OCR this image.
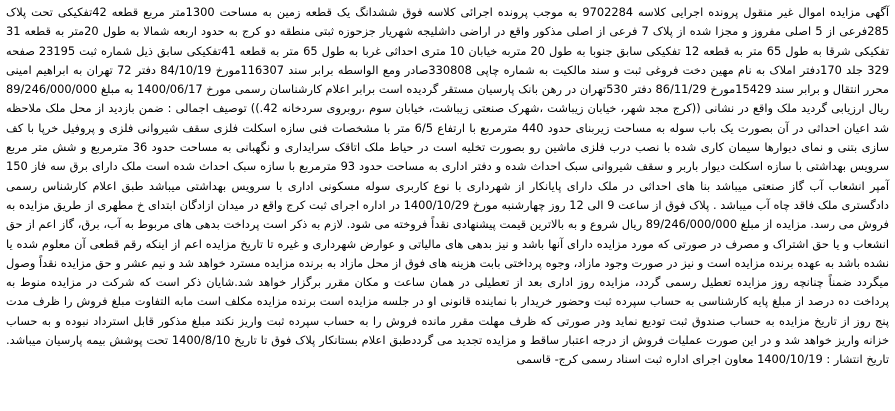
آگهی مزایده اموال غیر منقول پرونده اجرایی کلاسه 9702284 به موجب پرونده اجرائی کلاسه فوق ششدانگ یک قطعه زمین به مساحت 1300متر مربع قطعه 42تفکیکی تحت پلاک 285فرعی از 5 اصلی مفروز و مجزا شده از پلاک 7 فرعی از اصلی مذکور واقع در اراضی داشلیجه شهریار جزحوزه ثبتی منطقه دو کرج به حدود اربعه شمالا به طول 20متر به قطعه 31 تفکیکی شرقا به طول 65 متر به قطعه 12 تفکیکی سابق جنوبا به طول 20 متربه خیابان 10 متری احداثی غربا به طول 65 متر به قطعه 41تفکیکی سابق ذیل شماره ثبت 23195 صفحه 329 جلد 170دفتر املاک به نام مهین دخت فروغی ثبت و سند مالکیت به شماره چاپی 330808صادر ومع الواسطه برابر سند 116307مورخ 84/10/19 دفتر 72 تهران به ابراهیم امینی محرر انتقال و برابر سند 15429مورخ 86/11/29 دفتر 530تهران در رهن بانک پارسیان مستقر گردیده است برابر اعلام کارشناسان رسمی مورخ 1400/06/17 به مبلغ 89/246/000/000 ریال ارزیابی گردید ملک واقع در نشانی ((کرج مجد شهر، خیابان زیباشت ،شهرک صنعتی زیباشت، خیابان سوم ،روبروی سردخانه 42.)) توصیف اجمالی : ضمن بازدید از محل ملک ملاحظه شد اعیان احداثی در آن بصورت یک باب سوله به مساحت زیربنای حدود 440 مترمربع با ارتفاع 6/5 متر با مشخصات فنی سازه اسکلت فلزی سقف شیروانی فلزی و پروفیل خرپا با کف سازی بتنی و نمای دیوارها سیمان کاری شده با نصب درب فلزی ماشین رو بصورت تخلیه است در حیاط ملک اتاقک سرایداری و نگهبانی به مساحت حدود 36 مترمربع و شش متر مربع سرویس بهداشتی با سازه اسکلت دیوار باربر و سقف شیروانی سبک احداث شده و دفتر اداری به مساحت حدود 93 مترمربع با سازه سبک احداث شده است ملک دارای برق سه فاز 150 آمپر انشعاب آب گاز صنعتی میباشد بنا های احداثی در ملک دارای پایانکار از شهرداری با نوع کاربری سوله مسکونی اداری با سرویس بهداشتی میباشد طبق اعلام کارشناس رسمی دادگستری ملک فاقد چاه آب میباشد . پلاک فوق از ساعت 9 الی 12 روز چهارشنبه مورخ 1400/10/29 در اداره اجرای ثبت کرج واقع در میدان ازادگان ابتدای خ مطهری از طریق مزایده به فروش می رسد. مزایده از مبلغ 89/246/000/000 ریال شروع و به بالاترین قیمت پیشنهادی نقداً فروخته می شود. لازم به ذکر است پرداخت بدهی های مربوط به آب، برق، گاز اعم از حق انشعاب و یا حق اشتراک و مصرف در صورتی که مورد مزایده دارای آنها باشد و نیز بدهی های مالیاتی و عوارض شهرداری و غیره تا تاریخ مزایده اعم از اینکه رقم قطعی آن معلوم شده یا نشده باشد به عهده برنده مزایده است و نیز در صورت وجود مازاد، وجوه پرداختی بابت هزینه های فوق از محل مازاد به برنده مزایده مسترد خواهد شد و نیم عشر و حق مزایده نقداً وصول میگردد ضمناً چنانچه روز مزایده تعطیل رسمی گردد، مزایده روز اداری بعد از تعطیلی در همان ساعت و مکان مقرر برگزار خواهد شد.شایان ذکر است که شرکت در مزایده منوط به پرداخت ده درصد از مبلغ پایه کارشناسی به حساب سپرده ثبت وحضور خریدار با نماینده قانونی او در جلسه مزایده است برنده مزایده مکلف است مابه التفاوت مبلغ فروش را ظرف مدت پنج روز از تاریخ مزایده به حساب صندوق ثبت تودیع نماید ودر صورتی که ظرف مهلت مقرر مانده فروش را به حساب سپرده ثبت واریز نکند مبلغ مذکور قابل استرداد نبوده و به حساب خزانه واریز خواهد شد و در این صورت عملیات فروش از درجه اعتبار ساقط و مزایده تجدید می گرددطبق اعلام بستانکار پلاک فوق تا تاریخ 1400/8/10 تحت پوشش بیمه پارسیان میباشد. تاریخ انتشار : 1400/10/19 معاون اجرای اداره ثبت اسناد رسمی کرج- قاسمی
